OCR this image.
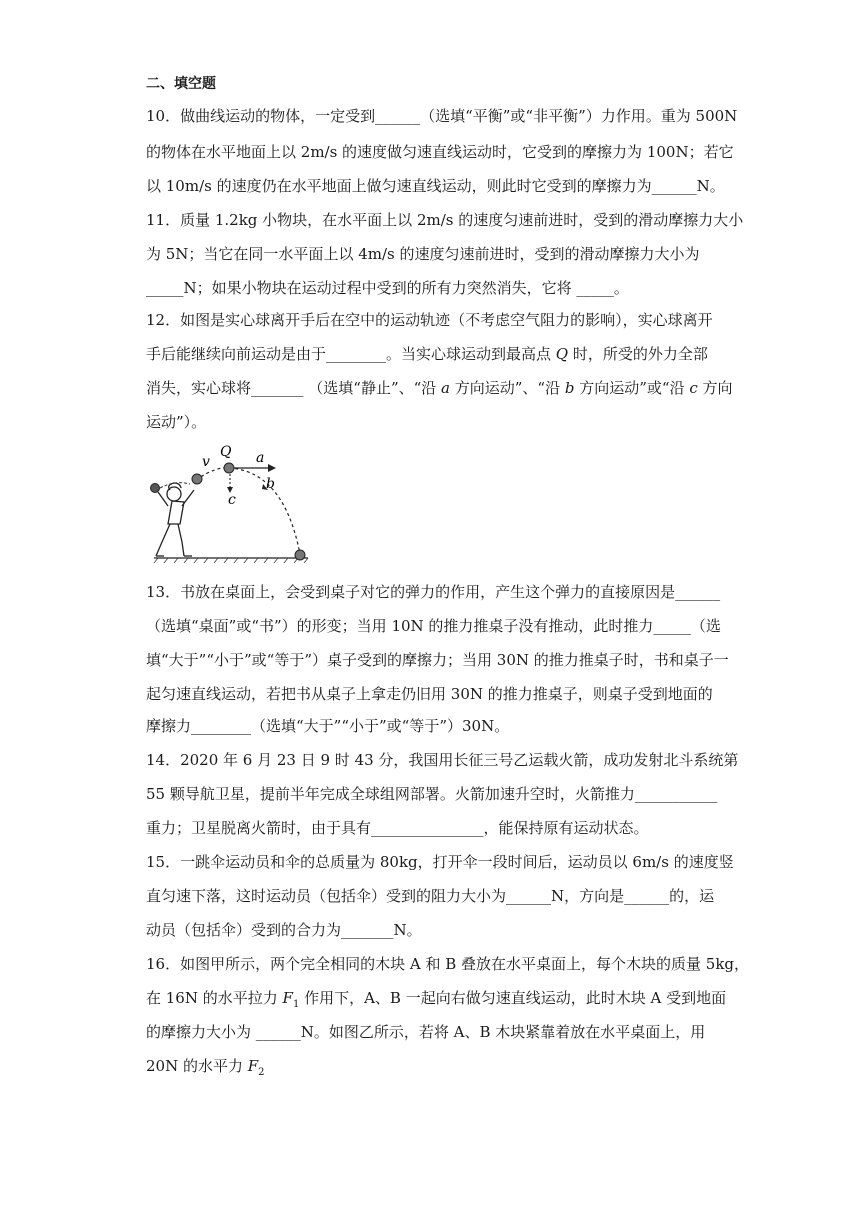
二、填空题
10．做曲线运动的物体，一定受到______（选填“平衡”或“非平衡”）力作用。重为 500N
的物体在水平地面上以 2m/s 的速度做匀速直线运动时，它受到的摩擦力为 100N；若它
以 10m/s 的速度仍在水平地面上做匀速直线运动，则此时它受到的摩擦力为______N。
11．质量 1.2kg 小物块，在水平面上以 2m/s 的速度匀速前进时，受到的滑动摩擦力大小
为 5N；当它在同一水平面上以 4m/s 的速度匀速前进时，受到的滑动摩擦力大小为
_____N；如果小物块在运动过程中受到的所有力突然消失，它将 _____。
12．如图是实心球离开手后在空中的运动轨迹（不考虑空气阻力的影响），实心球离开
手后能继续向前运动是由于________。当实心球运动到最高点 Q 时，所受的外力全部
消失，实心球将_______ （选填“静止”、“沿 a 方向运动”、“沿 b 方向运动”或“沿 c 方向
运动”）。
v
Q a
b
c
13．书放在桌面上，会受到桌子对它的弹力的作用，产生这个弹力的直接原因是______
（选填“桌面”或“书”）的形变；当用 10N 的推力推桌子没有推动，此时推力_____（选
填“大于”“小于”或“等于”）桌子受到的摩擦力；当用 30N 的推力推桌子时，书和桌子一
起匀速直线运动，若把书从桌子上拿走仍旧用 30N 的推力推桌子，则桌子受到地面的
摩擦力________（选填“大于”“小于”或“等于”）30N。
14．2020 年 6 月 23 日 9 时 43 分，我国用长征三号乙运载火箭，成功发射北斗系统第
55 颗导航卫星，提前半年完成全球组网部署。火箭加速升空时，火箭推力___________
重力；卫星脱离火箭时，由于具有_______________，能保持原有运动状态。
15．一跳伞运动员和伞的总质量为 80kg，打开伞一段时间后，运动员以 6m/s 的速度竖
直匀速下落，这时运动员（包括伞）受到的阻力大小为______N，方向是______的，运
动员（包括伞）受到的合力为_______N。
16．如图甲所示，两个完全相同的木块 A 和 B 叠放在水平桌面上，每个木块的质量 5kg，
在 16N 的水平拉力 $F_1$ 作用下，A、B 一起向右做匀速直线运动，此时木块 A 受到地面
的摩擦力大小为 ______N。如图乙所示，若将 A、B 木块紧靠着放在水平桌面上，用
20N 的水平力 $F_2$
